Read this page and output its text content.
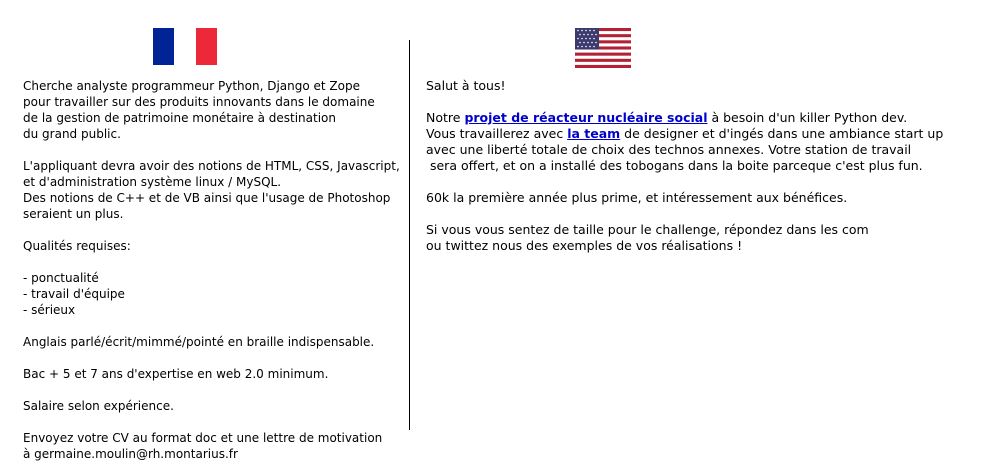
Cherche analyste programmeur Python, Django et Zope

pour travailler sur des produits innovants dans le domaine

de la gestion de patrimoine monétaire à destination

du grand public.

L'appliquant devra avoir des notions de HTML, CSS, Javascript,

et d'administration système linux / MySQL.

Des notions de C++ et de VB ainsi que l'usage de Photoshop

seraient un plus.

Qualités requises:

- ponctualité

- travail d'équipe

- sérieux

Anglais parlé/écrit/mimmé/pointé en braille indispensable.

Bac + 5 et 7 ans d'expertise en web 2.0 minimum.

Salaire selon expérience.

Envoyez votre CV au format doc et une lettre de motivation

à germaine.moulin@rh.montarius.fr

Salut à tous!

Notre projet de réacteur nucléaire social à besoin d'un killer Python dev.

Vous travaillerez avec la team de designer et d'ingés dans une ambiance start up

avec une liberté totale de choix des technos annexes. Votre station de travail

sera offert, et on a installé des tobogans dans la boite parceque c'est plus fun.

60k la première année plus prime, et intéressement aux bénéfices.

Si vous vous sentez de taille pour le challenge, répondez dans les com

ou twittez nous des exemples de vos réalisations !
